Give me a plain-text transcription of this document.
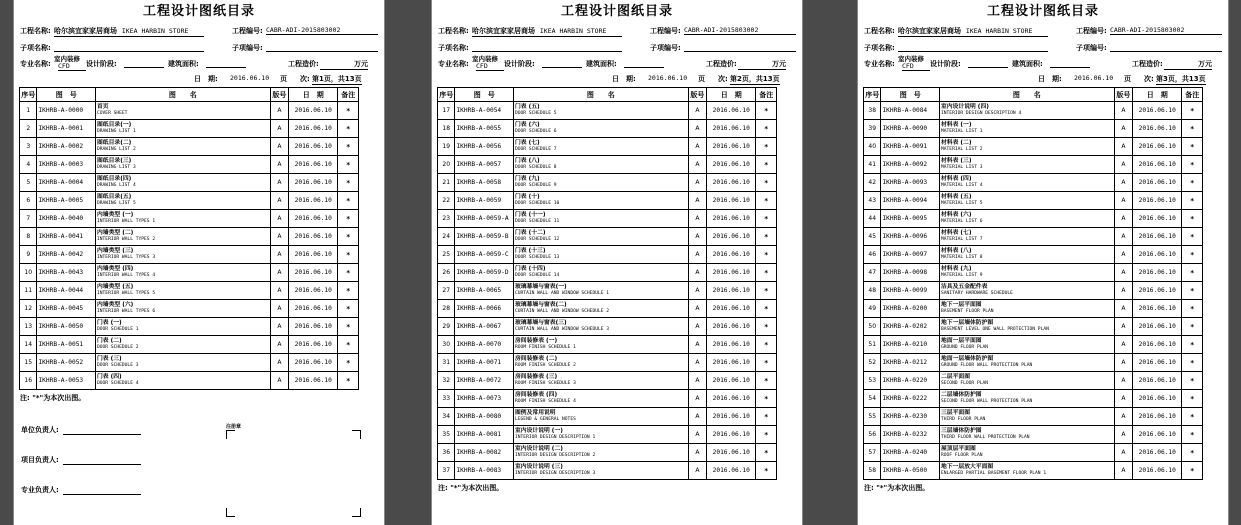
工程设计图纸目录
工程名称: 哈尔滨宜家家居商场 IKEA HARBIN STORE	工程编号: CABR-ADI-2015803002
子项名称:	子项编号:
专业名称:
室内装修
CFD	设计阶段:	建筑面积:	工程造价:	万元
日　期: 2016.06.10 页 次: 第1页，共13页
序号	图　号	图　　名	版号	日　期	备注
1	IKHRB-A-0000	首页
COVER SHEET	A	2016.06.10	*
2	IKHRB-A-0001	图纸目录(一)
DRAWING LIST 1	A	2016.06.10	*
3	IKHRB-A-0002	图纸目录(二)
DRAWING LIST 2	A	2016.06.10	*
4	IKHRB-A-0003	图纸目录(三)
DRAWING LIST 3	A	2016.06.10	*
5	IKHRB-A-0004	图纸目录(四)
DRAWING LIST 4	A	2016.06.10	*
6	IKHRB-A-0005	图纸目录(五)
DRAWING LIST 5	A	2016.06.10	*
7	IKHRB-A-0040	内墙类型 (一)
INTERIOR WALL TYPES 1	A	2016.06.10	*
8	IKHRB-A-0041	内墙类型 (二)
INTERIOR WALL TYPES 2	A	2016.06.10	*
9	IKHRB-A-0042	内墙类型 (三)
INTERIOR WALL TYPES 3	A	2016.06.10	*
10	IKHRB-A-0043	内墙类型 (四)
INTERIOR WALL TYPES 4	A	2016.06.10	*
11	IKHRB-A-0044	内墙类型 (五)
INTERIOR WALL TYPES 5	A	2016.06.10	*
12	IKHRB-A-0045	内墙类型 (六)
INTERIOR WALL TYPES 6	A	2016.06.10	*
13	IKHRB-A-0050	门表 (一)
DOOR SCHEDULE 1	A	2016.06.10	*
14	IKHRB-A-0051	门表 (二)
DOOR SCHEDULE 2	A	2016.06.10	*
15	IKHRB-A-0052	门表 (三)
DOOR SCHEDULE 3	A	2016.06.10	*
16	IKHRB-A-0053	门表 (四)
DOOR SCHEDULE 4	A	2016.06.10	*
注: "*"为本次出图。
单位负责人:
项目负责人:
专业负责人:
注册章
工程设计图纸目录
工程名称: 哈尔滨宜家家居商场 IKEA HARBIN STORE	工程编号: CABR-ADI-2015803002
子项名称:	子项编号:
专业名称:
室内装修
CFD	设计阶段:	建筑面积:	工程造价:	万元
日　期: 2016.06.10 页 次: 第2页，共13页
序号	图　号	图　　名	版号	日　期	备注
17	IKHRB-A-0054	门表 (五)
DOOR SCHEDULE 5	A	2016.06.10	*
18	IKHRB-A-0055	门表 (六)
DOOR SCHEDULE 6	A	2016.06.10	*
19	IKHRB-A-0056	门表 (七)
DOOR SCHEDULE 7	A	2016.06.10	*
20	IKHRB-A-0057	门表 (八)
DOOR SCHEDULE 8	A	2016.06.10	*
21	IKHRB-A-0058	门表 (九)
DOOR SCHEDULE 9	A	2016.06.10	*
22	IKHRB-A-0059	门表 (十)
DOOR SCHEDULE 10	A	2016.06.10	*
23	IKHRB-A-0059-A	门表 (十一)
DOOR SCHEDULE 11	A	2016.06.10	*
24	IKHRB-A-0059-B	门表 (十二)
DOOR SCHEDULE 12	A	2016.06.10	*
25	IKHRB-A-0059-C	门表 (十三)
DOOR SCHEDULE 13	A	2016.06.10	*
26	IKHRB-A-0059-D	门表 (十四)
DOOR SCHEDULE 14	A	2016.06.10	*
27	IKHRB-A-0065	玻璃幕墙与窗表(一)
CURTAIN WALL AND WINDOW SCHEDULE 1	A	2016.06.10	*
28	IKHRB-A-0066	玻璃幕墙与窗表(二)
CURTAIN WALL AND WINDOW SCHEDULE 2	A	2016.06.10	*
29	IKHRB-A-0067	玻璃幕墙与窗表(三)
CURTAIN WALL AND WINDOW SCHEDULE 3	A	2016.06.10	*
30	IKHRB-A-0070	房间装修表 (一)
ROOM FINISH SCHEDULE 1	A	2016.06.10	*
31	IKHRB-A-0071	房间装修表 (二)
ROOM FINISH SCHEDULE 2	A	2016.06.10	*
32	IKHRB-A-0072	房间装修表 (三)
ROOM FINISH SCHEDULE 3	A	2016.06.10	*
33	IKHRB-A-0073	房间装修表 (四)
ROOM FINISH SCHEDULE 4	A	2016.06.10	*
34	IKHRB-A-0080	图例及常用说明
LEGEND & GENERAL NOTES	A	2016.06.10	*
35	IKHRB-A-0081	室内设计说明 (一)
INTERIOR DESIGN DESCRIPTION 1	A	2016.06.10	*
36	IKHRB-A-0082	室内设计说明 (二)
INTERIOR DESIGN DESCRIPTION 2	A	2016.06.10	*
37	IKHRB-A-0083	室内设计说明 (三)
INTERIOR DESIGN DESCRIPTION 3	A	2016.06.10	*
注: "*"为本次出图。
工程设计图纸目录
工程名称: 哈尔滨宜家家居商场 IKEA HARBIN STORE	工程编号: CABR-ADI-2015803002
子项名称:	子项编号:
专业名称:
室内装修
CFD	设计阶段:	建筑面积:	工程造价:	万元
日　期: 2016.06.10 页 次: 第3页，共13页
序号	图　号	图　　名	版号	日　期	备注
38	IKHRB-A-0084	室内设计说明 (四)
INTERIOR DESIGN DESCRIPTION 4	A	2016.06.10	*
39	IKHRB-A-0090	材料表 (一)
MATERIAL LIST 1	A	2016.06.10	*
40	IKHRB-A-0091	材料表 (二)
MATERIAL LIST 2	A	2016.06.10	*
41	IKHRB-A-0092	材料表 (三)
MATERIAL LIST 3	A	2016.06.10	*
42	IKHRB-A-0093	材料表 (四)
MATERIAL LIST 4	A	2016.06.10	*
43	IKHRB-A-0094	材料表 (五)
MATERIAL LIST 5	A	2016.06.10	*
44	IKHRB-A-0095	材料表 (六)
MATERIAL LIST 6	A	2016.06.10	*
45	IKHRB-A-0096	材料表 (七)
MATERIAL LIST 7	A	2016.06.10	*
46	IKHRB-A-0097	材料表 (八)
MATERIAL LIST 8	A	2016.06.10	*
47	IKHRB-A-0098	材料表 (九)
MATERIAL LIST 9	A	2016.06.10	*
48	IKHRB-A-0099	洁具及五金配件表
SANITARY HARDWARE SCHEDULE	A	2016.06.10	*
49	IKHRB-A-0200	地下一层平面图
BASEMENT FLOOR PLAN	A	2016.06.10	*
50	IKHRB-A-0202	地下一层墙体防护图
BASEMENT LEVEL ONE WALL PROTECTION PLAN	A	2016.06.10	*
51	IKHRB-A-0210	地面一层平面图
GROUND FLOOR PLAN	A	2016.06.10	*
52	IKHRB-A-0212	地面一层墙体防护图
GROUND FLOOR WALL PROTECTION PLAN	A	2016.06.10	*
53	IKHRB-A-0220	二层平面图
SECOND FLOOR PLAN	A	2016.06.10	*
54	IKHRB-A-0222	二层墙体防护图
SECOND FLOOR WALL PROTECTION PLAN	A	2016.06.10	*
55	IKHRB-A-0230	三层平面图
THIRD FLOOR PLAN	A	2016.06.10	*
56	IKHRB-A-0232	三层墙体防护图
THIRD FLOOR WALL PROTECTION PLAN	A	2016.06.10	*
57	IKHRB-A-0240	屋顶层平面图
ROOF FLOOR PLAN	A	2016.06.10	*
58	IKHRB-A-0500	地下一层放大平面图
ENLARGED PARTIAL BASEMENT FLOOR PLAN 1	A	2016.06.10	*
注: "*"为本次出图。
